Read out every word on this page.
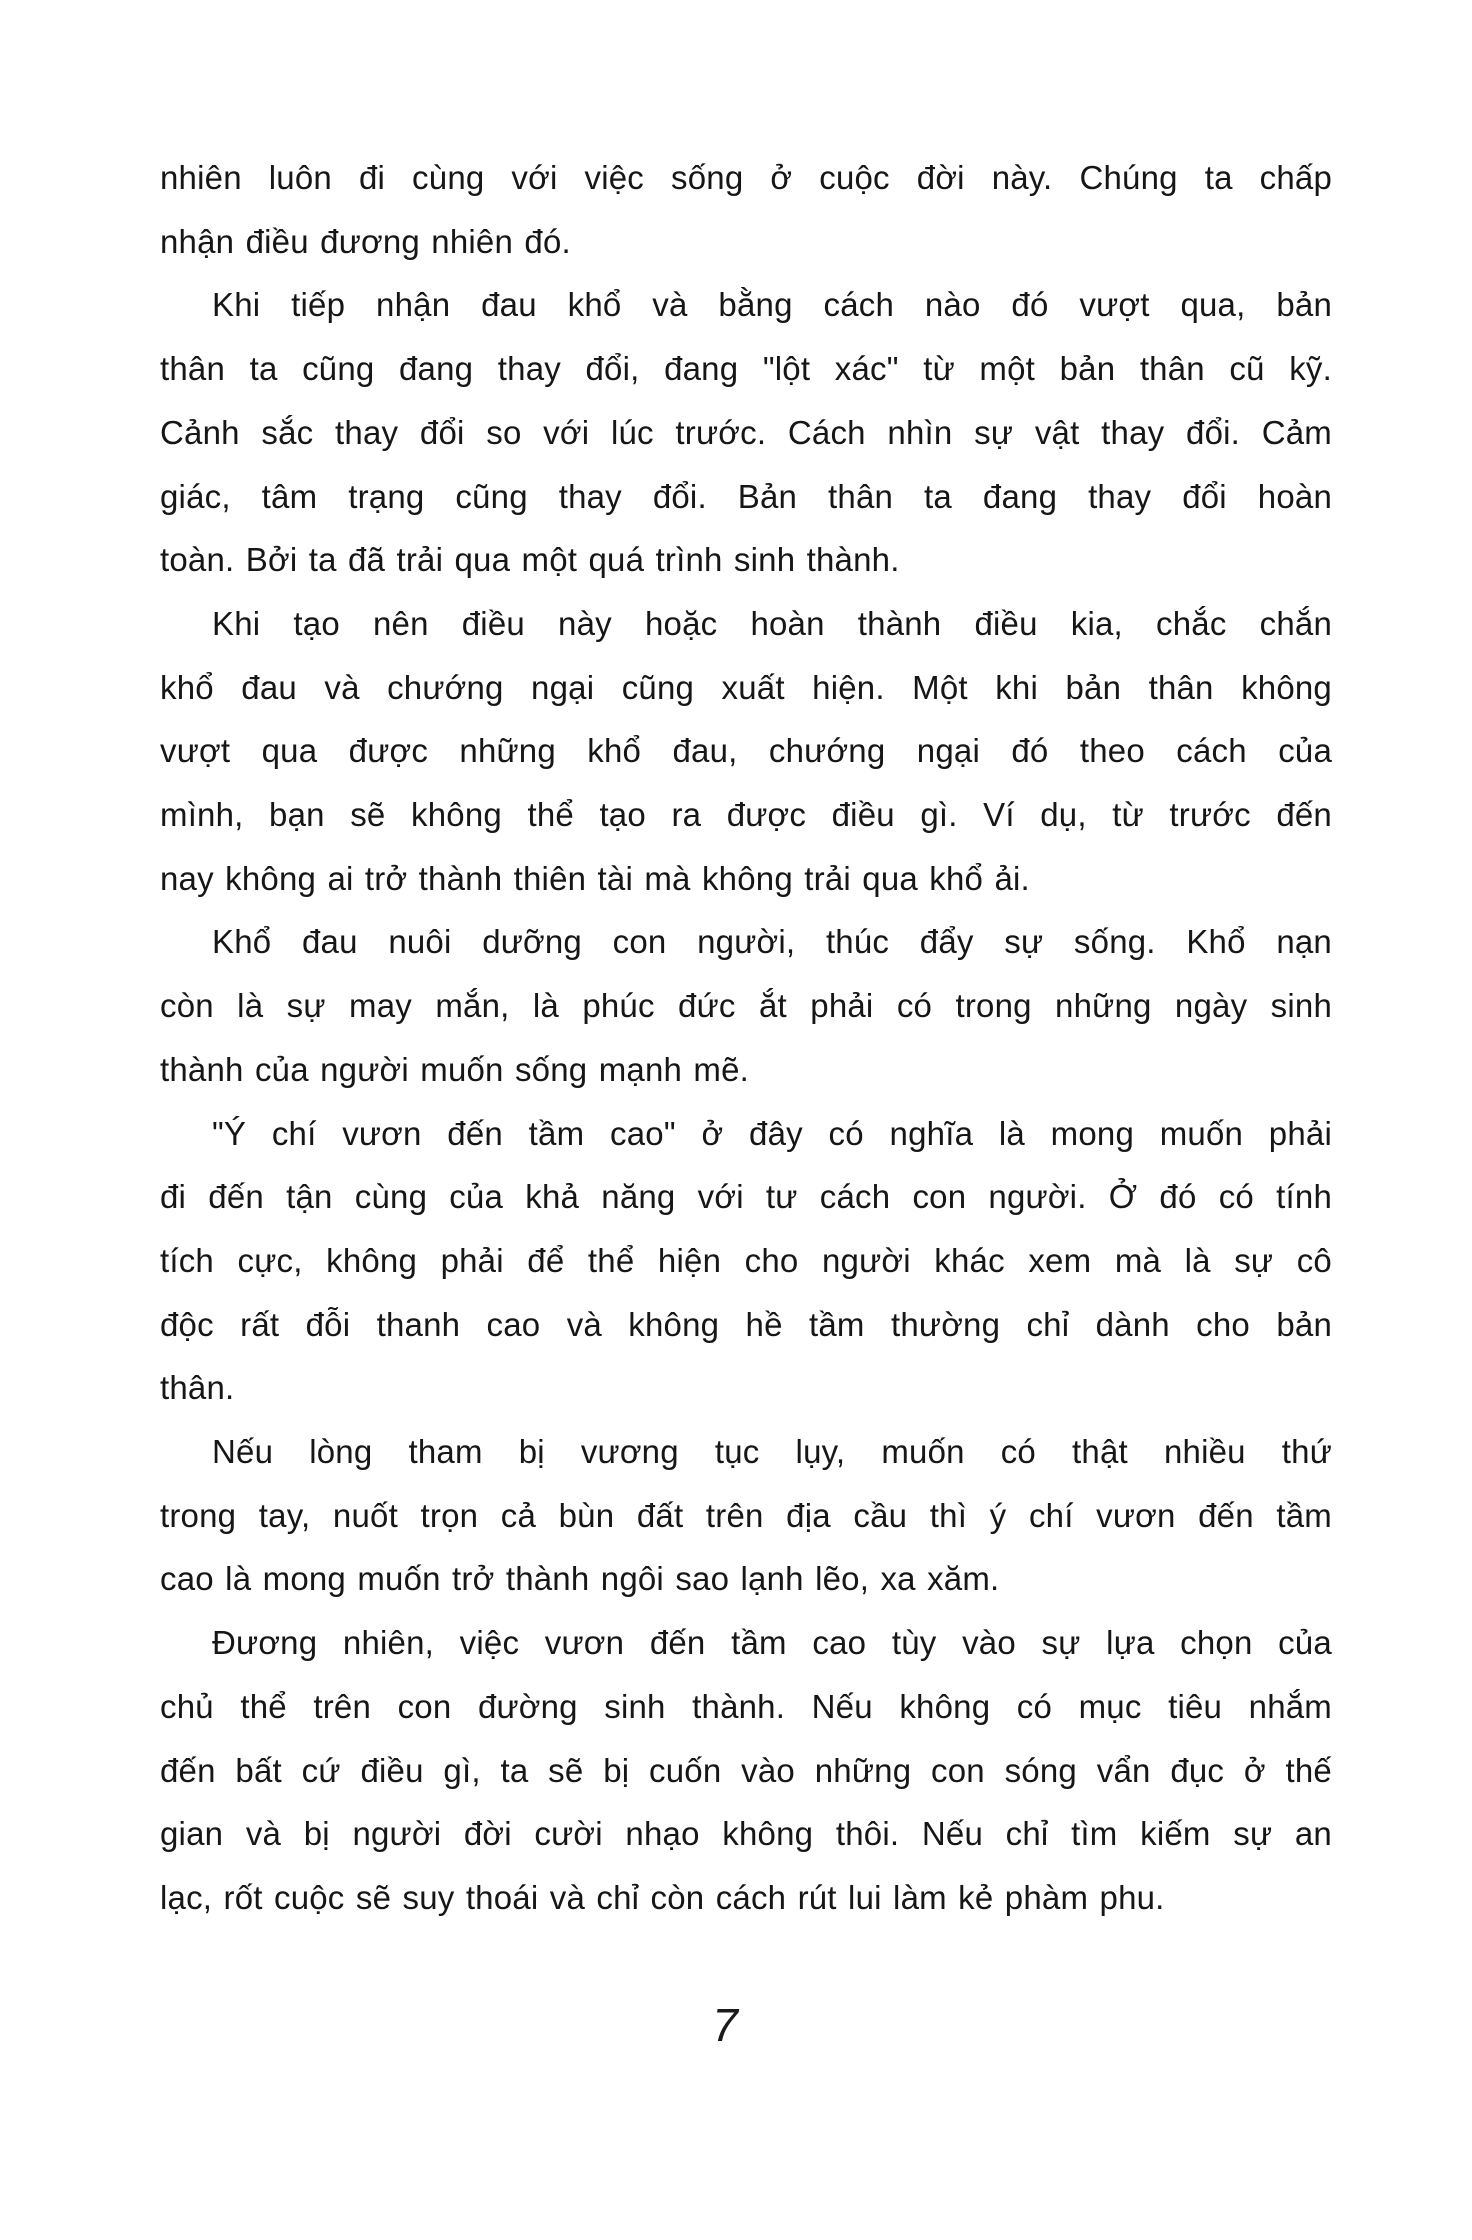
nhiên luôn đi cùng với việc sống ở cuộc đời này. Chúng ta chấp
nhận điều đương nhiên đó.
Khi tiếp nhận đau khổ và bằng cách nào đó vượt qua, bản
thân ta cũng đang thay đổi, đang "lột xác" từ một bản thân cũ kỹ.
Cảnh sắc thay đổi so với lúc trước. Cách nhìn sự vật thay đổi. Cảm
giác, tâm trạng cũng thay đổi. Bản thân ta đang thay đổi hoàn
toàn. Bởi ta đã trải qua một quá trình sinh thành.
Khi tạo nên điều này hoặc hoàn thành điều kia, chắc chắn
khổ đau và chướng ngại cũng xuất hiện. Một khi bản thân không
vượt qua được những khổ đau, chướng ngại đó theo cách của
mình, bạn sẽ không thể tạo ra được điều gì. Ví dụ, từ trước đến
nay không ai trở thành thiên tài mà không trải qua khổ ải.
Khổ đau nuôi dưỡng con người, thúc đẩy sự sống. Khổ nạn
còn là sự may mắn, là phúc đức ắt phải có trong những ngày sinh
thành của người muốn sống mạnh mẽ.
"Ý chí vươn đến tầm cao" ở đây có nghĩa là mong muốn phải
đi đến tận cùng của khả năng với tư cách con người. Ở đó có tính
tích cực, không phải để thể hiện cho người khác xem mà là sự cô
độc rất đỗi thanh cao và không hề tầm thường chỉ dành cho bản
thân.
Nếu lòng tham bị vương tục lụy, muốn có thật nhiều thứ
trong tay, nuốt trọn cả bùn đất trên địa cầu thì ý chí vươn đến tầm
cao là mong muốn trở thành ngôi sao lạnh lẽo, xa xăm.
Đương nhiên, việc vươn đến tầm cao tùy vào sự lựa chọn của
chủ thể trên con đường sinh thành. Nếu không có mục tiêu nhắm
đến bất cứ điều gì, ta sẽ bị cuốn vào những con sóng vẩn đục ở thế
gian và bị người đời cười nhạo không thôi. Nếu chỉ tìm kiếm sự an
lạc, rốt cuộc sẽ suy thoái và chỉ còn cách rút lui làm kẻ phàm phu.
7
